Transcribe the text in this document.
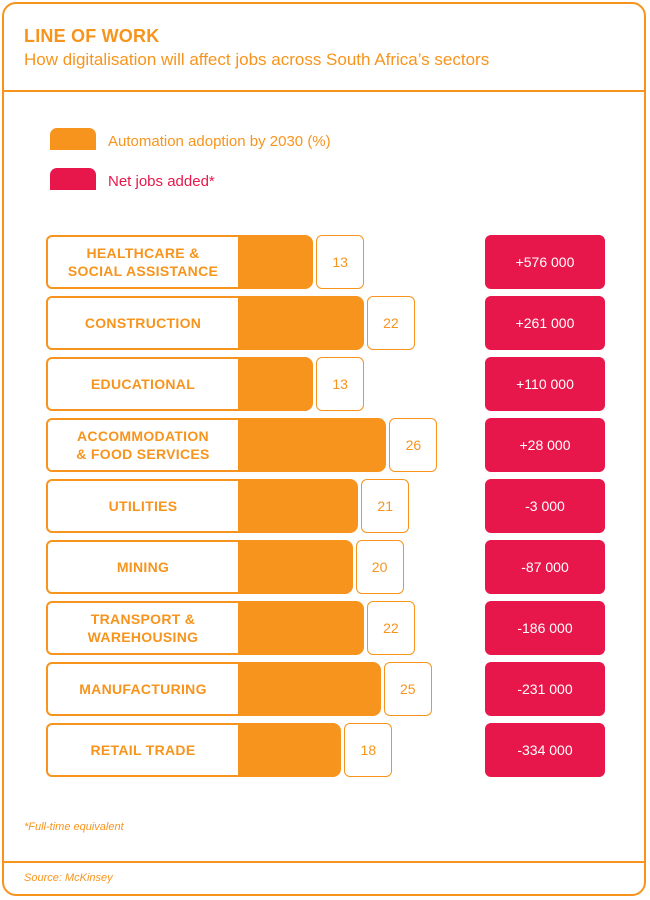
LINE OF WORK

How digitalisation will affect jobs across South Africa’s sectors

Automation adoption by 2030 (%)
Net jobs added*
HEALTHCARE &
SOCIAL ASSISTANCE
13	+576 000
CONSTRUCTION	22	+261 000
EDUCATIONAL	13	+110 000
ACCOMMODATION
& FOOD SERVICES
26	+28 000
UTILITIES	21	-3 000
MINING	20	-87 000
TRANSPORT &
WAREHOUSING
22	-186 000
MANUFACTURING	25	-231 000
RETAIL TRADE	18	-334 000
*Full-time equivalent
Source: McKinsey
